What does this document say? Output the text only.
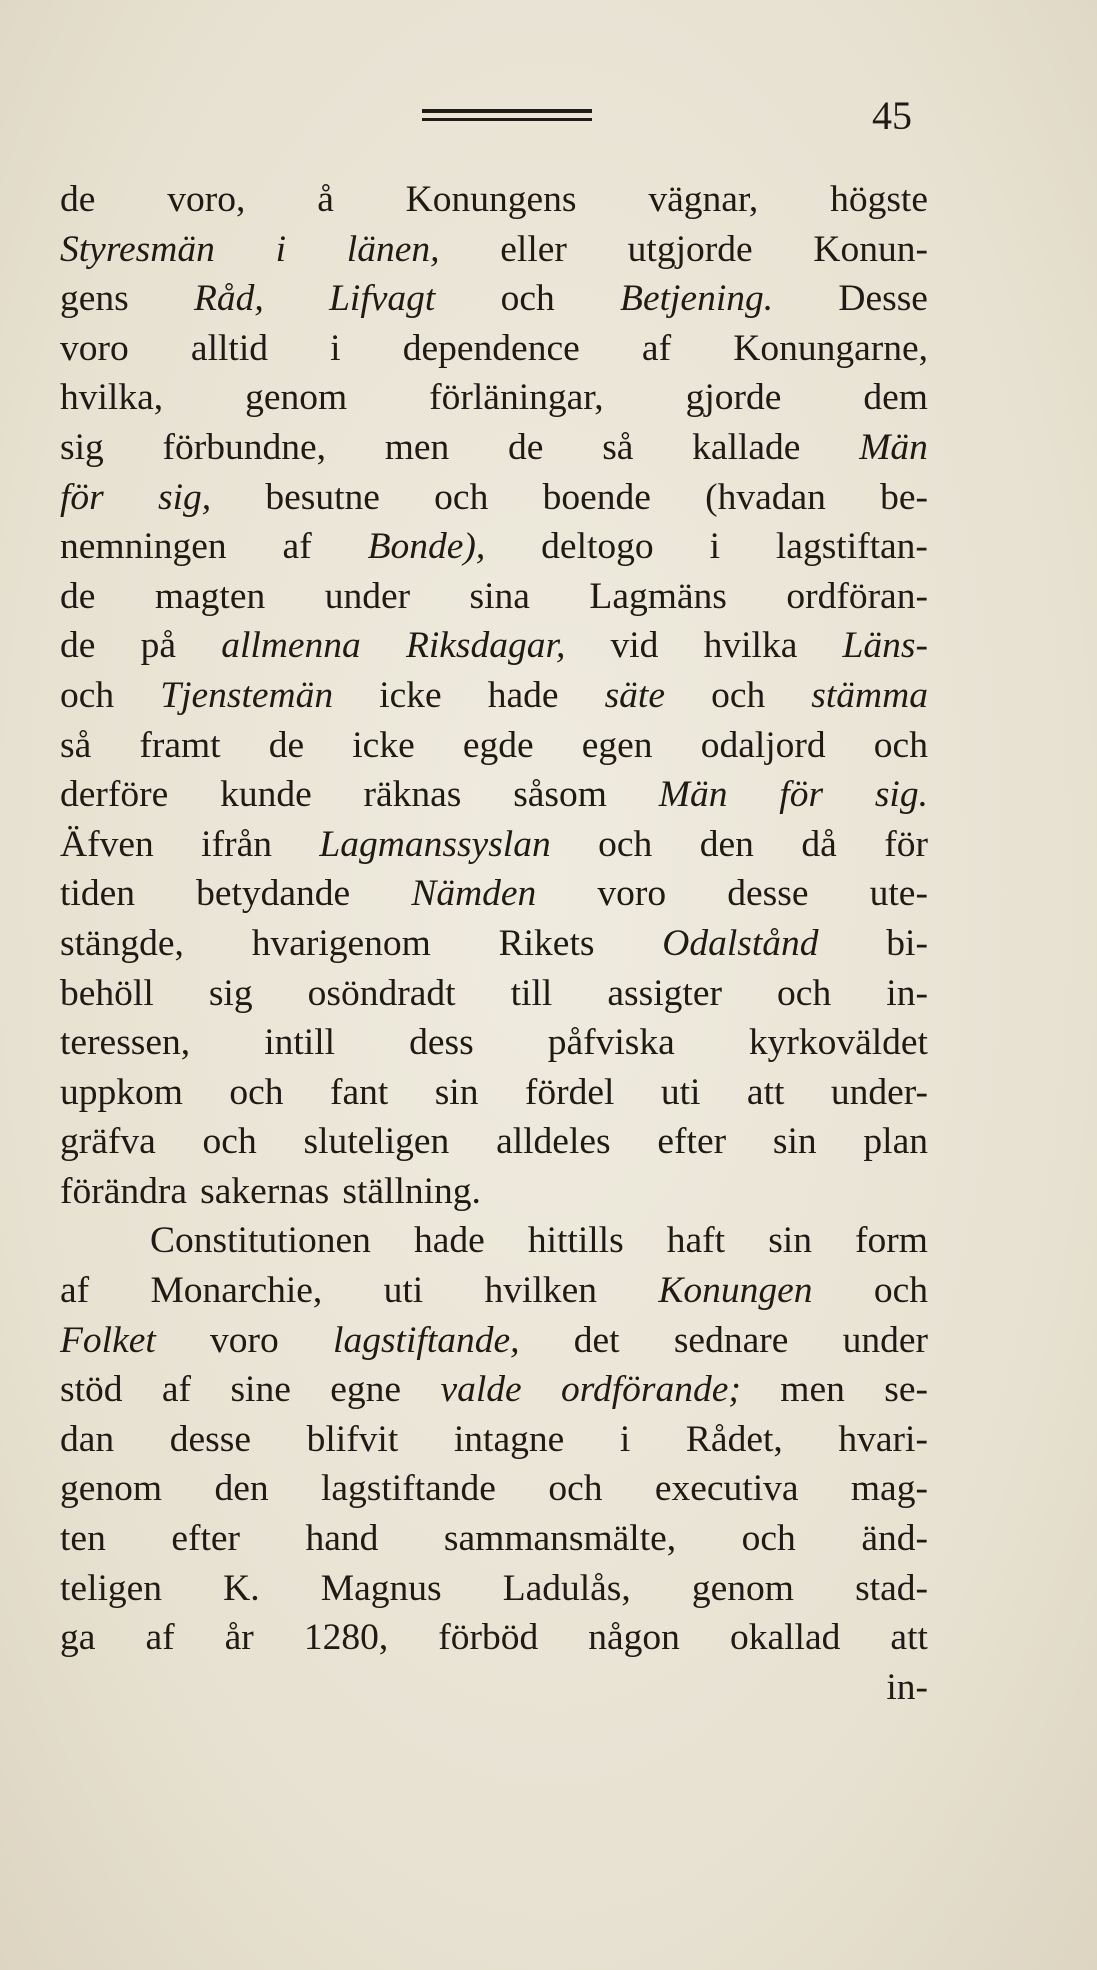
45
de voro, å Konungens vägnar, högste
Styresmän i länen, eller utgjorde Konun-
gens Råd, Lifvagt och Betjening. Desse
voro alltid i dependence af Konungarne,
hvilka, genom förläningar, gjorde dem
sig förbundne, men de så kallade Män
för sig, besutne och boende (hvadan be-
nemningen af Bonde), deltogo i lagstiftan-
de magten under sina Lagmäns ordföran-
de på allmenna Riksdagar, vid hvilka Läns-
och Tjenstemän icke hade säte och stämma
så framt de icke egde egen odaljord och
derföre kunde räknas såsom Män för sig.
Äfven ifrån Lagmanssyslan och den då för
tiden betydande Nämden voro desse ute-
stängde, hvarigenom Rikets Odalstånd bi-
behöll sig osöndradt till assigter och in-
teressen, intill dess påfviska kyrkoväldet
uppkom och fant sin fördel uti att under-
gräfva och sluteligen alldeles efter sin plan
förändra sakernas ställning.
Constitutionen hade hittills haft sin form
af Monarchie, uti hvilken Konungen och
Folket voro lagstiftande, det sednare under
stöd af sine egne valde ordförande; men se-
dan desse blifvit intagne i Rådet, hvari-
genom den lagstiftande och executiva mag-
ten efter hand sammansmälte, och änd-
teligen K. Magnus Ladulås, genom stad-
ga af år 1280, förböd någon okallad att
in-
